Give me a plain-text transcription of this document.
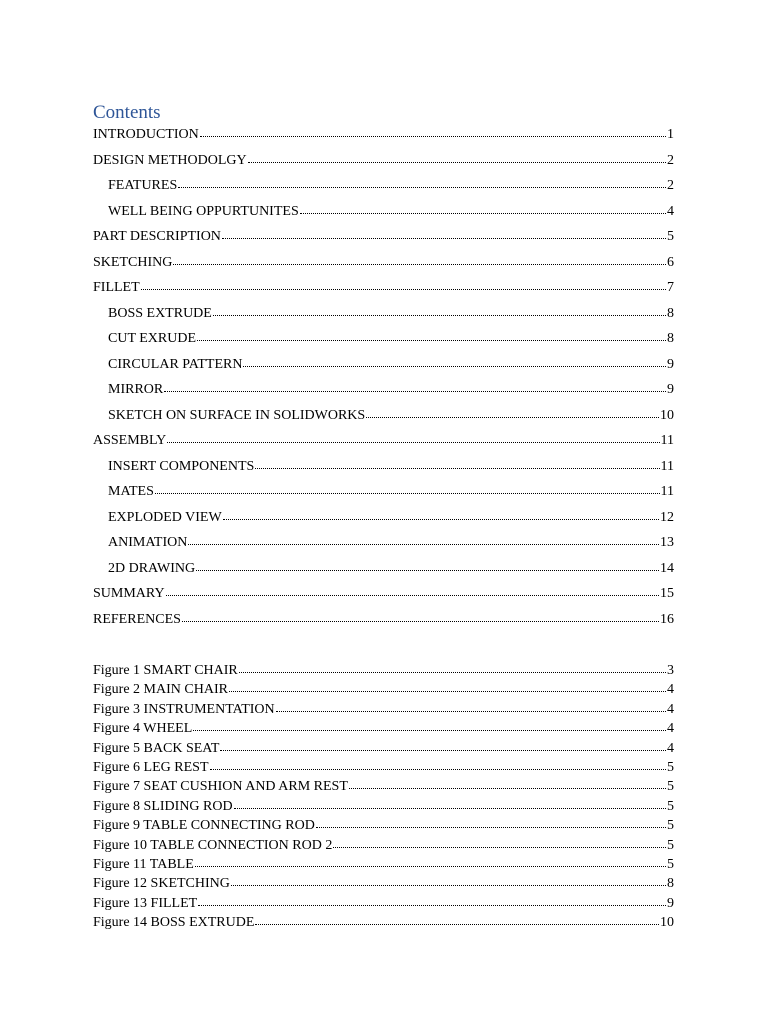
Contents
INTRODUCTION	1
DESIGN METHODOLGY	2
FEATURES	2
WELL BEING OPPURTUNITES	4
PART DESCRIPTION	5
SKETCHING	6
FILLET	7
BOSS EXTRUDE	8
CUT EXRUDE	8
CIRCULAR PATTERN	9
MIRROR	9
SKETCH ON SURFACE IN SOLIDWORKS	10
ASSEMBLY	11
INSERT COMPONENTS	11
MATES	11
EXPLODED VIEW	12
ANIMATION	13
2D DRAWING	14
SUMMARY	15
REFERENCES	16
Figure 1 SMART CHAIR	3
Figure 2 MAIN CHAIR	4
Figure 3 INSTRUMENTATION	4
Figure 4 WHEEL	4
Figure 5 BACK SEAT	4
Figure 6 LEG REST	5
Figure 7 SEAT CUSHION AND ARM REST	5
Figure 8 SLIDING ROD	5
Figure 9 TABLE CONNECTING ROD	5
Figure 10 TABLE CONNECTION ROD 2	5
Figure 11 TABLE	5
Figure 12 SKETCHING	8
Figure 13 FILLET	9
Figure 14 BOSS EXTRUDE	10
